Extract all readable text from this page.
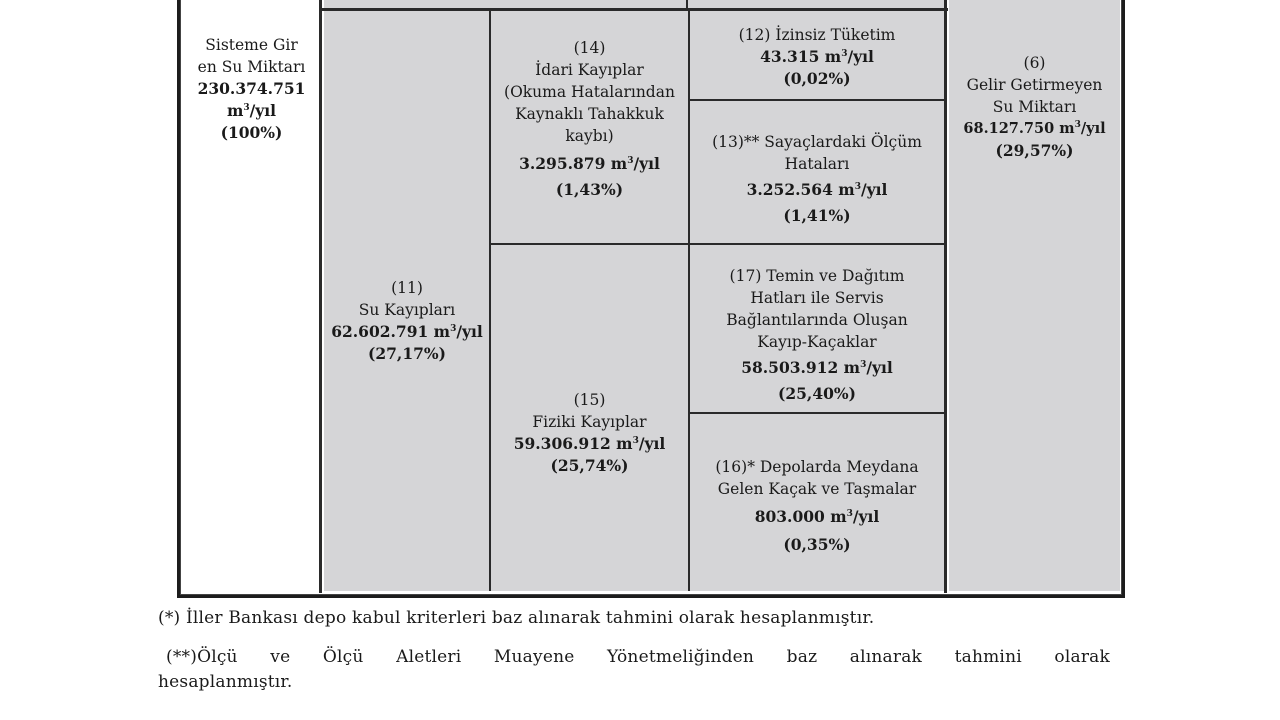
Sisteme Gir
en Su Miktarı
230.374.751
$m^3$/yıl
(100%)
(11)
Su Kayıpları
62.602.791 $m^3$/yıl
(27,17%)
(14)
İdari Kayıplar
(Okuma Hatalarından
Kaynaklı Tahakkuk
kaybı)
3.295.879 $m^3$/yıl
(1,43%)
(15)
Fiziki Kayıplar
59.306.912 $m^3$/yıl
(25,74%)
(12) İzinsiz Tüketim
43.315 $m^3$/yıl
(0,02%)
(13)** Sayaçlardaki Ölçüm
Hataları
3.252.564 $m^3$/yıl
(1,41%)
(17) Temin ve Dağıtım
Hatları ile Servis
Bağlantılarında Oluşan
Kayıp-Kaçaklar
58.503.912 $m^3$/yıl
(25,40%)
(16)* Depolarda Meydana
Gelen Kaçak ve Taşmalar
803.000 $m^3$/yıl
(0,35%)
(6)
Gelir Getirmeyen
Su Miktarı
68.127.750 $m^3$/yıl
(29,57%)
(*) İller Bankası depo kabul kriterleri baz alınarak tahmini olarak hesaplanmıştır.
(**)Ölçü ve Ölçü Aletleri Muayene Yönetmeliğinden baz alınarak tahmini olarak
hesaplanmıştır.
